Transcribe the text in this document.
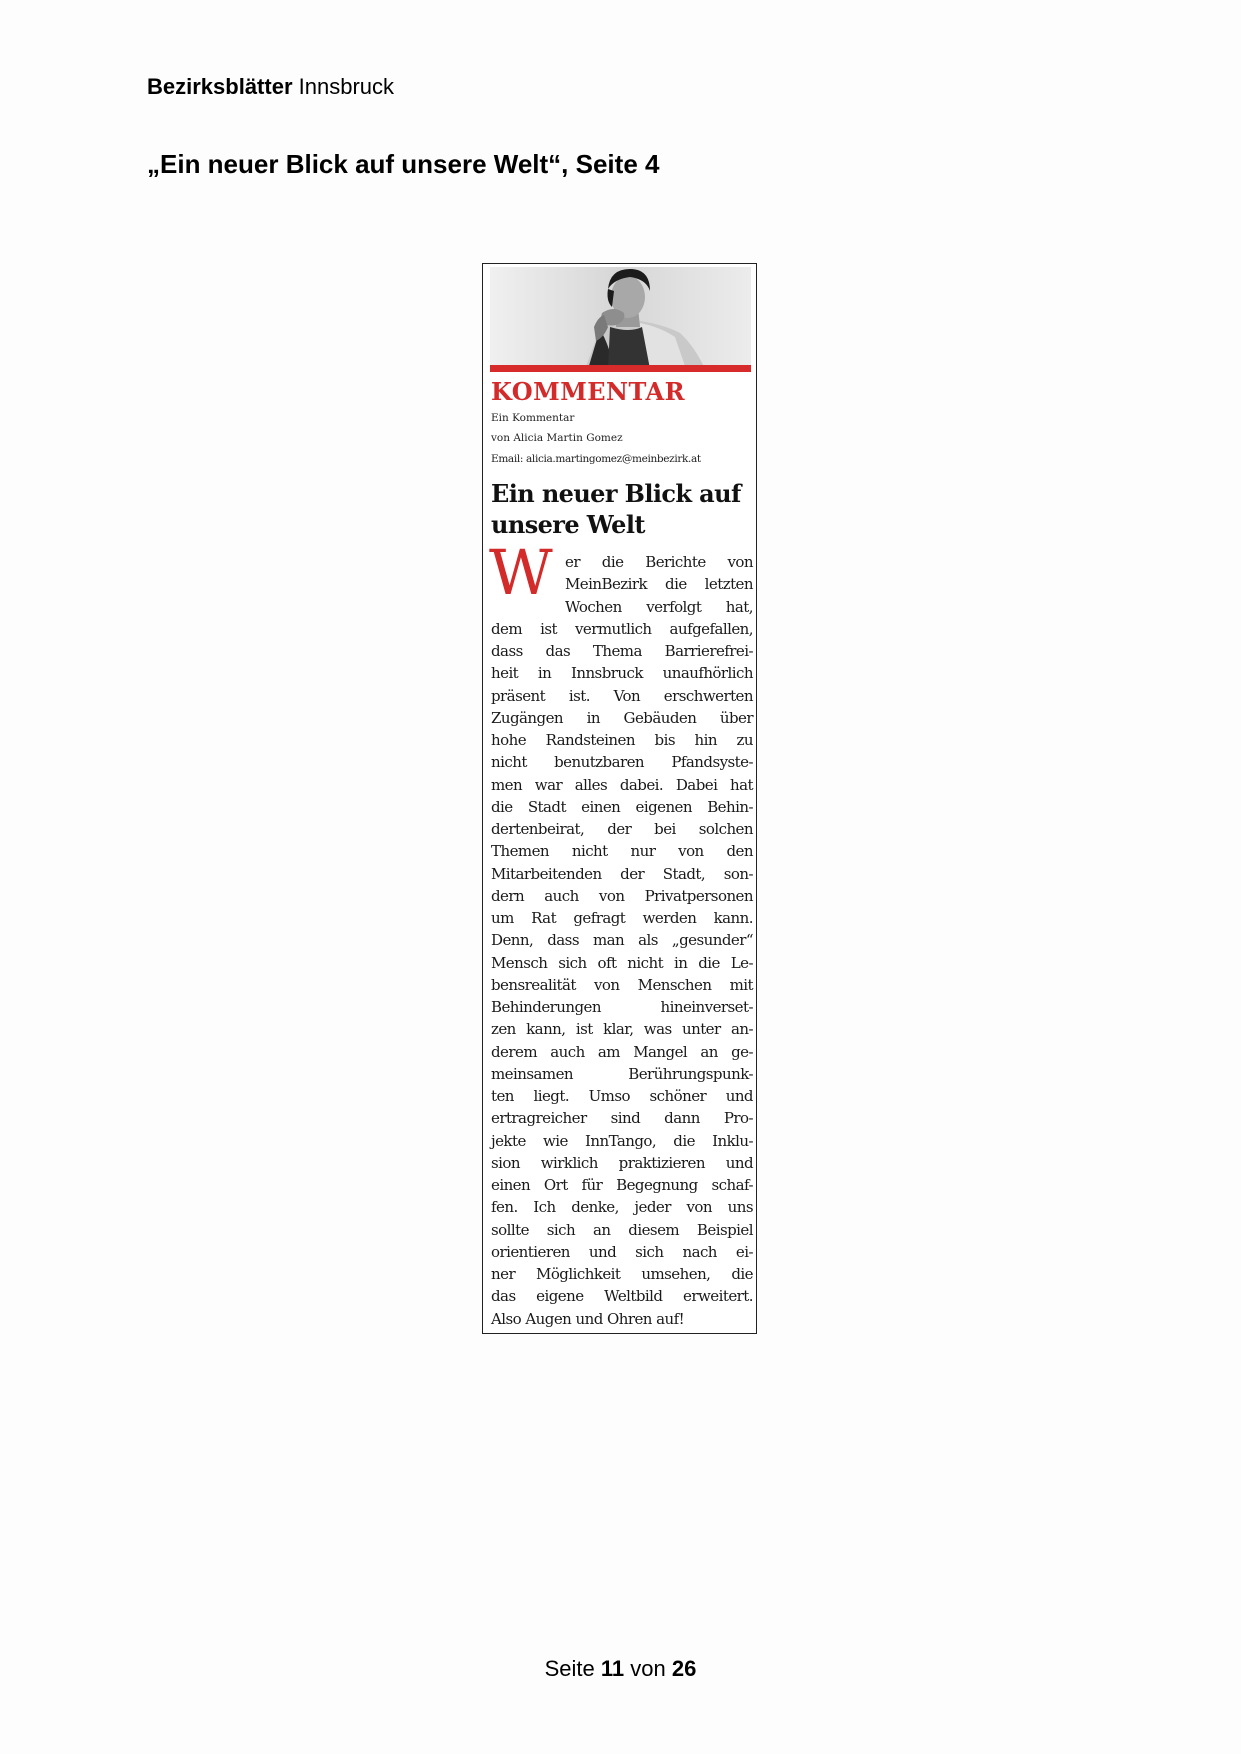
Bezirksblätter Innsbruck
„Ein neuer Blick auf unsere Welt“, Seite 4
KOMMENTAR
Ein Kommentar
von Alicia Martin Gomez
Email: alicia.martingomez@meinbezirk.at
Ein neuer Blick auf unsere Welt
W er die Berichte von
MeinBezirk die letzten
Wochen verfolgt hat,
dem ist vermutlich aufgefallen,
dass das Thema Barrierefrei-
heit in Innsbruck unaufhörlich
präsent ist. Von erschwerten
Zugängen in Gebäuden über
hohe Randsteinen bis hin zu
nicht benutzbaren Pfandsyste-
men war alles dabei. Dabei hat
die Stadt einen eigenen Behin-
dertenbeirat, der bei solchen
Themen nicht nur von den
Mitarbeitenden der Stadt, son-
dern auch von Privatpersonen
um Rat gefragt werden kann.
Denn, dass man als „gesunder“
Mensch sich oft nicht in die Le-
bensrealität von Menschen mit
Behinderungen hineinverset-
zen kann, ist klar, was unter an-
derem auch am Mangel an ge-
meinsamen Berührungspunk-
ten liegt. Umso schöner und
ertragreicher sind dann Pro-
jekte wie InnTango, die Inklu-
sion wirklich praktizieren und
einen Ort für Begegnung schaf-
fen. Ich denke, jeder von uns
sollte sich an diesem Beispiel
orientieren und sich nach ei-
ner Möglichkeit umsehen, die
das eigene Weltbild erweitert.
Also Augen und Ohren auf!
Seite 11 von 26
